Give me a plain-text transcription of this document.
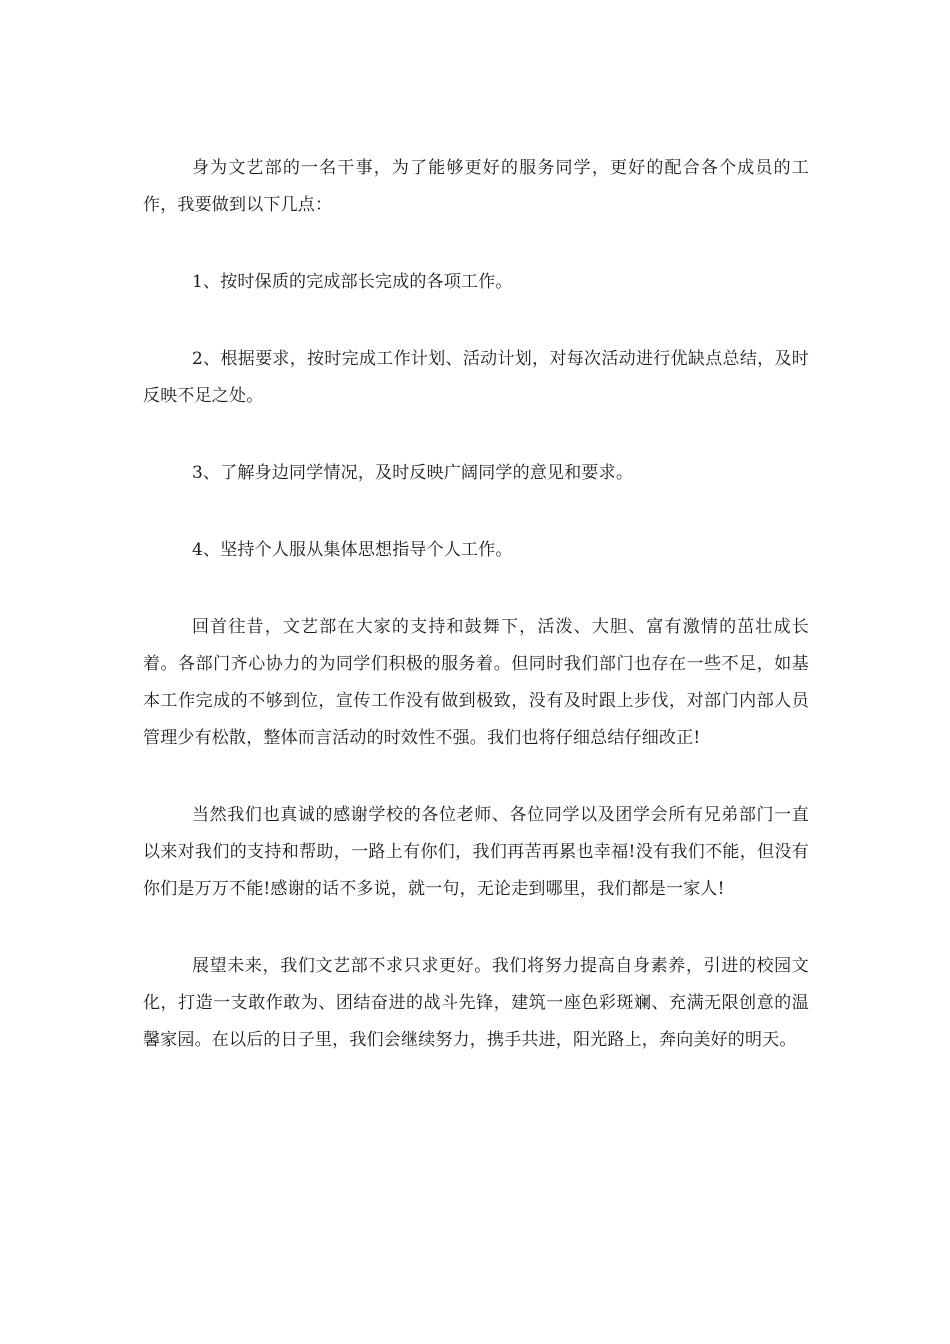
身为文艺部的一名干事，为了能够更好的服务同学，更好的配合各个成员的工作，我要做到以下几点：

1、按时保质的完成部长完成的各项工作。

2、根据要求，按时完成工作计划、活动计划，对每次活动进行优缺点总结，及时反映不足之处。

3、了解身边同学情况，及时反映广阔同学的意见和要求。

4、坚持个人服从集体思想指导个人工作。

回首往昔，文艺部在大家的支持和鼓舞下，活泼、大胆、富有激情的茁壮成长着。各部门齐心协力的为同学们积极的服务着。但同时我们部门也存在一些不足，如基本工作完成的不够到位，宣传工作没有做到极致，没有及时跟上步伐，对部门内部人员管理少有松散，整体而言活动的时效性不强。我们也将仔细总结仔细改正!

当然我们也真诚的感谢学校的各位老师、各位同学以及团学会所有兄弟部门一直以来对我们的支持和帮助，一路上有你们，我们再苦再累也幸福!没有我们不能，但没有你们是万万不能!感谢的话不多说，就一句，无论走到哪里，我们都是一家人!

展望未来，我们文艺部不求只求更好。我们将努力提高自身素养，引进的校园文化，打造一支敢作敢为、团结奋进的战斗先锋，建筑一座色彩斑斓、充满无限创意的温馨家园。在以后的日子里，我们会继续努力，携手共进，阳光路上，奔向美好的明天。
